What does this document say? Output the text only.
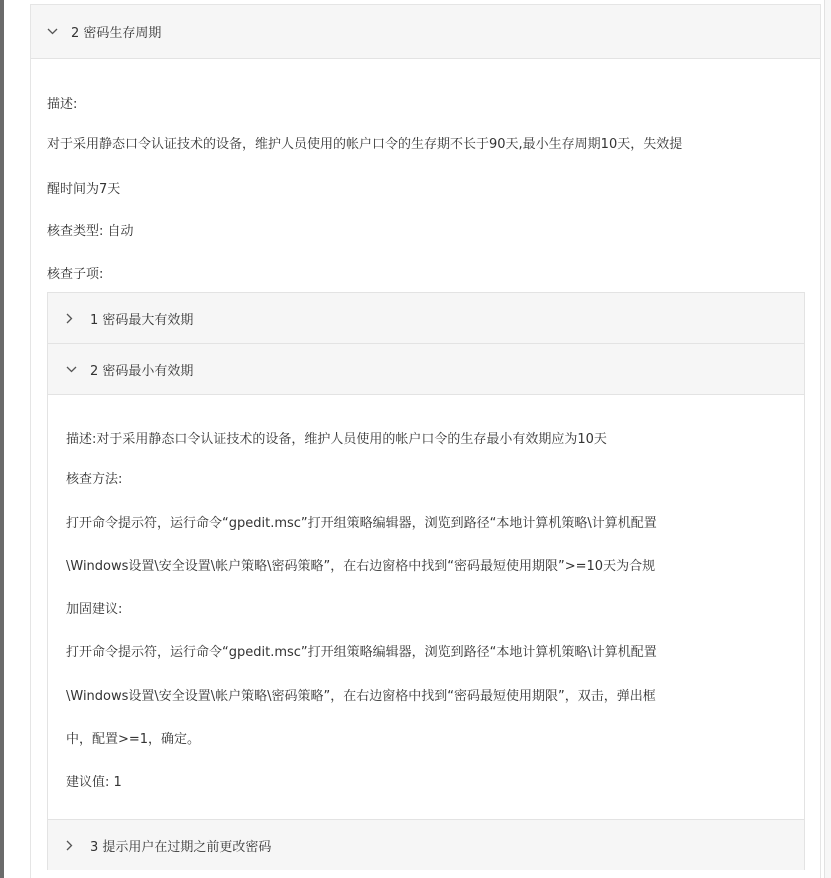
2 密码生存周期
描述:
对于采用静态口令认证技术的设备，维护人员使用的帐户口令的生存期不长于90天,最小生存周期10天，失效提
醒时间为7天
核查类型: 自动
核查子项:
1 密码最大有效期
2 密码最小有效期
描述:对于采用静态口令认证技术的设备，维护人员使用的帐户口令的生存最小有效期应为10天
核查方法:
打开命令提示符，运行命令“gpedit.msc”打开组策略编辑器，浏览到路径“本地计算机策略\计算机配置
\Windows设置\安全设置\帐户策略\密码策略”，在右边窗格中找到“密码最短使用期限”>=10天为合规
加固建议:
打开命令提示符，运行命令“gpedit.msc”打开组策略编辑器，浏览到路径“本地计算机策略\计算机配置
\Windows设置\安全设置\帐户策略\密码策略”，在右边窗格中找到“密码最短使用期限”，双击，弹出框
中，配置>=1，确定。
建议值: 1
3 提示用户在过期之前更改密码
